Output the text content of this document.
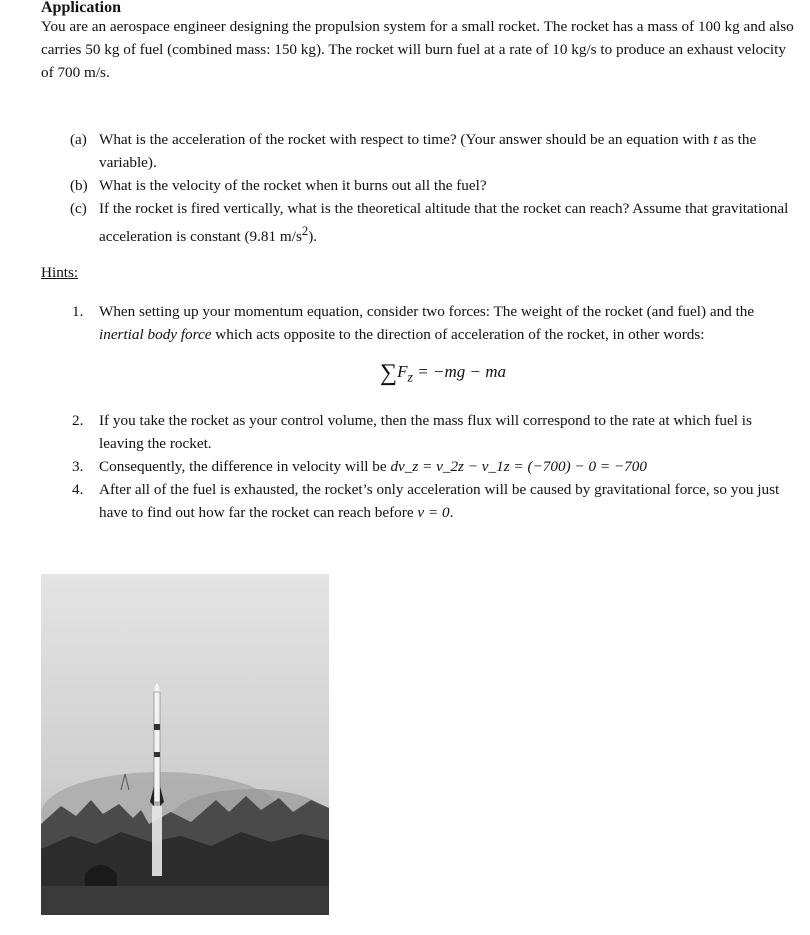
Application
You are an aerospace engineer designing the propulsion system for a small rocket. The rocket has a mass of 100 kg and also carries 50 kg of fuel (combined mass: 150 kg). The rocket will burn fuel at a rate of 10 kg/s to produce an exhaust velocity of 700 m/s.
(a) What is the acceleration of the rocket with respect to time? (Your answer should be an equation with t as the variable).
(b) What is the velocity of the rocket when it burns out all the fuel?
(c) If the rocket is fired vertically, what is the theoretical altitude that the rocket can reach? Assume that gravitational acceleration is constant (9.81 $m/s^2$).
Hints:
1. When setting up your momentum equation, consider two forces: The weight of the rocket (and fuel) and the inertial body force which acts opposite to the direction of acceleration of the rocket, in other words:
$\sum F_z = -mg$ − ma
2. If you take the rocket as your control volume, then the mass flux will correspond to the rate at which fuel is leaving the rocket.
3. Consequently, the difference in velocity will be dv_z = v_2z − v_1z = (−700) − 0 = −700
4. After all of the fuel is exhausted, the rocket’s only acceleration will be caused by gravitational force, so you just have to find out how far the rocket can reach before v = 0.
